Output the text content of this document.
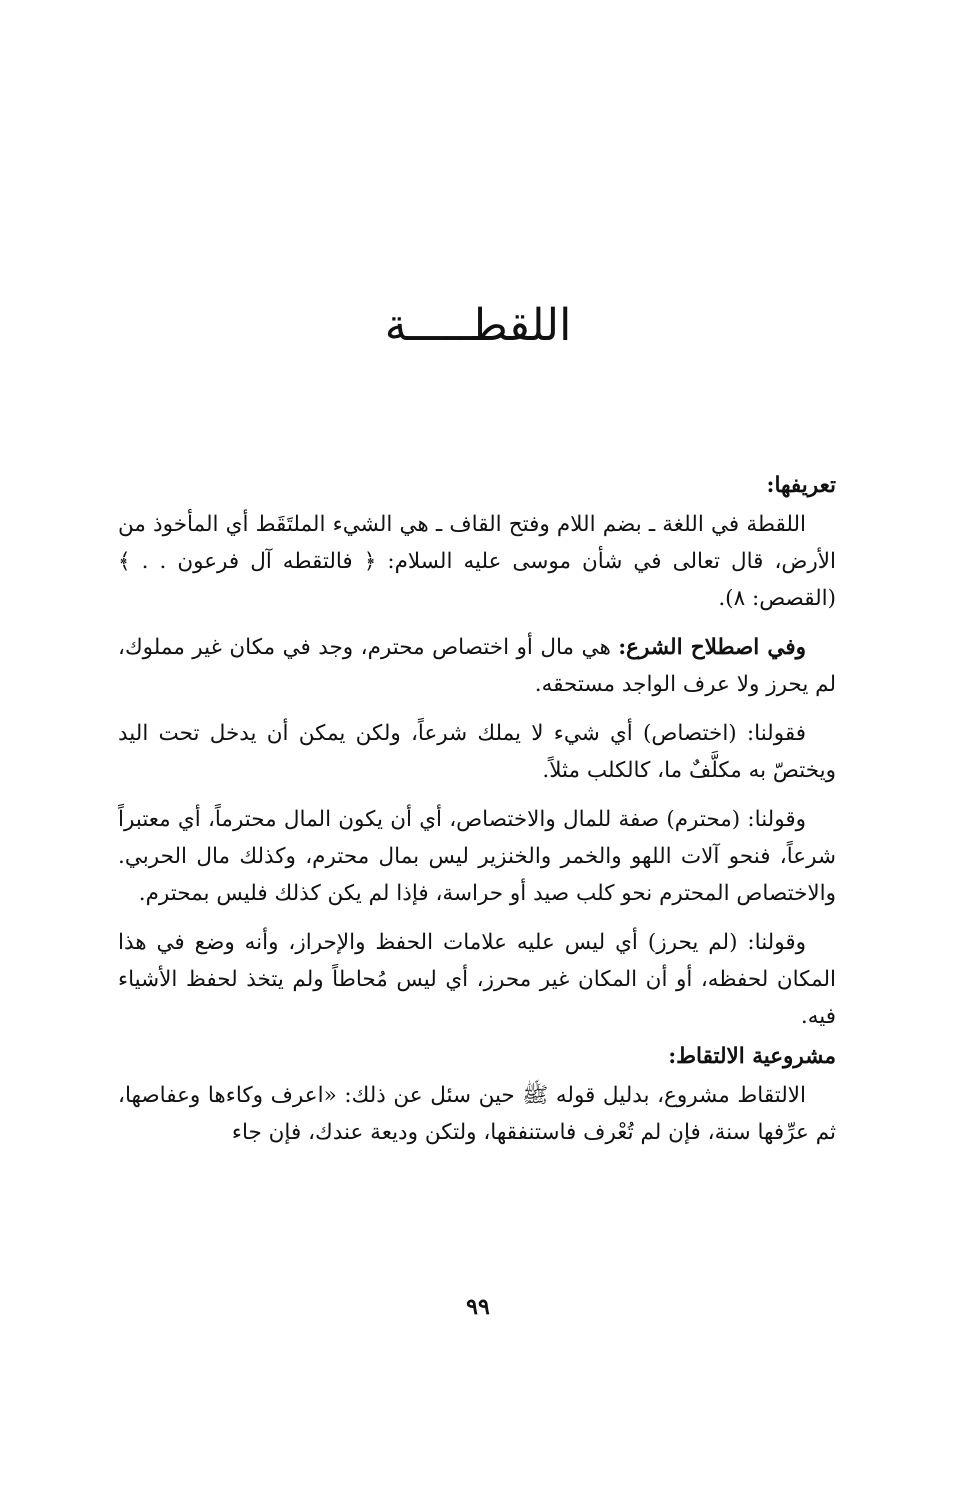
اللقطـــــة
تعريفها:

اللقطة في اللغة ـ بضم اللام وفتح القاف ـ هي الشيء الملتَقَط أي المأخوذ من الأرض، قال تعالى في شأن موسى عليه السلام: ﴿ فالتقطه آل فرعون . . ﴾ (القصص: ٨).

وفي اصطلاح الشرع: هي مال أو اختصاص محترم، وجد في مكان غير مملوك، لم يحرز ولا عرف الواجد مستحقه.

فقولنا: (اختصاص) أي شيء لا يملك شرعاً، ولكن يمكن أن يدخل تحت اليد ويختصّ به مكلَّفٌ ما، كالكلب مثلاً.

وقولنا: (محترم) صفة للمال والاختصاص، أي أن يكون المال محترماً، أي معتبراً شرعاً، فنحو آلات اللهو والخمر والخنزير ليس بمال محترم، وكذلك مال الحربي. والاختصاص المحترم نحو كلب صيد أو حراسة، فإذا لم يكن كذلك فليس بمحترم.

وقولنا: (لم يحرز) أي ليس عليه علامات الحفظ والإحراز، وأنه وضع في هذا المكان لحفظه، أو أن المكان غير محرز، أي ليس مُحاطاً ولم يتخذ لحفظ الأشياء فيه.

مشروعية الالتقاط:

الالتقاط مشروع، بدليل قوله ﷺ حين سئل عن ذلك: «اعرف وكاءها وعفاصها، ثم عرِّفها سنة، فإن لم تُعْرف فاستنفقها، ولتكن وديعة عندك، فإن جاء

٩٩
